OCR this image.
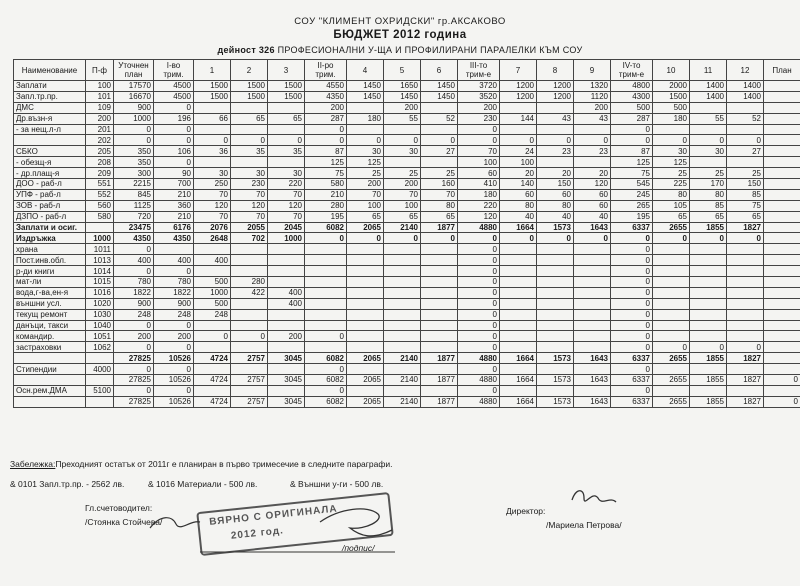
СОУ "КЛИМЕНТ ОХРИДСКИ" гр.АКСАКОВО
БЮДЖЕТ 2012 година
дейност 326 ПРОФЕСИОНАЛНИ У-ЩА И ПРОФИЛИРАНИ ПАРАЛЕЛКИ КЪМ СОУ
Наименование	П-ф	Уточнен план	I-во трим.	1	2	3	II-ро трим.	4	5	6	III-то трим-е	7	8	9	IV-то трим-е	10	11	12	План
Заплати	100	17570	4500	1500	1500	1500	4550	1450	1650	1450	3720	1200	1200	1320	4800	2000	1400	1400	
Запл.тр.пр.	101	16670	4500	1500	1500	1500	4350	1450	1450	1450	3520	1200	1200	1120	4300	1500	1400	1400	
ДМС	109	900	0				200		200		200			200	500	500			
Др.възн-я	200	1000	196	66	65	65	287	180	55	52	230	144	43	43	287	180	55	52	
- за нещ.л-л	201	0	0				0				0				0				
	202	0	0	0	0	0	0	0	0	0	0	0	0	0	0	0	0	0	
СБКО	205	350	106	36	35	35	87	30	30	27	70	24	23	23	87	30	30	27	
- обезщ-я	208	350	0				125	125			100	100			125	125			
- др.плащ-я	209	300	90	30	30	30	75	25	25	25	60	20	20	20	75	25	25	25	
ДОО - раб-л	551	2215	700	250	230	220	580	200	200	160	410	140	150	120	545	225	170	150	
УПФ - раб-л	552	845	210	70	70	70	210	70	70	70	180	60	60	60	245	80	80	85	
ЗОВ - раб-л	560	1125	360	120	120	120	280	100	100	80	220	80	80	60	265	105	85	75	
ДЗПО - раб-л	580	720	210	70	70	70	195	65	65	65	120	40	40	40	195	65	65	65	
Заплати и осиг.		23475	6176	2076	2055	2045	6082	2065	2140	1877	4880	1664	1573	1643	6337	2655	1855	1827	
Издръжка	1000	4350	4350	2648	702	1000	0	0	0	0	0	0	0	0	0	0	0	0	
храна	1011	0									0				0				
Пост.инв.обл.	1013	400	400	400							0				0				
р-ди книги	1014	0	0								0				0				
мат-ли	1015	780	780	500	280						0				0				
вода,г-ва,ен-я	1016	1822	1822	1000	422	400					0				0				
външни усл.	1020	900	900	500		400					0				0				
текущ ремонт	1030	248	248	248							0				0				
данъци, такси	1040	0	0								0				0				
командир.	1051	200	200	0	0	200	0				0				0				
застраховки	1062	0	0								0				0	0	0	0	
		27825	10526	4724	2757	3045	6082	2065	2140	1877	4880	1664	1573	1643	6337	2655	1855	1827	
Стипендии	4000	0	0				0				0				0				
		27825	10526	4724	2757	3045	6082	2065	2140	1877	4880	1664	1573	1643	6337	2655	1855	1827	0
Осн.рем.ДМА	5100	0	0				0				0				0				
		27825	10526	4724	2757	3045	6082	2065	2140	1877	4880	1664	1573	1643	6337	2655	1855	1827	0
Забележка:Преходният остатък от 2011г е планиран в първо тримесечие в следните параграфи.
& 0101 Запл.тр.пр. - 2562 лв.	& 1016 Материали - 500 лв.	& Външни у-ги - 500 лв.
Гл.счетоводител:
/Стоянка Стойчева/
Директор:
/Мариела Петрова/
/подпис/
ВЯРНО С ОРИГИНАЛА
2012 год.
